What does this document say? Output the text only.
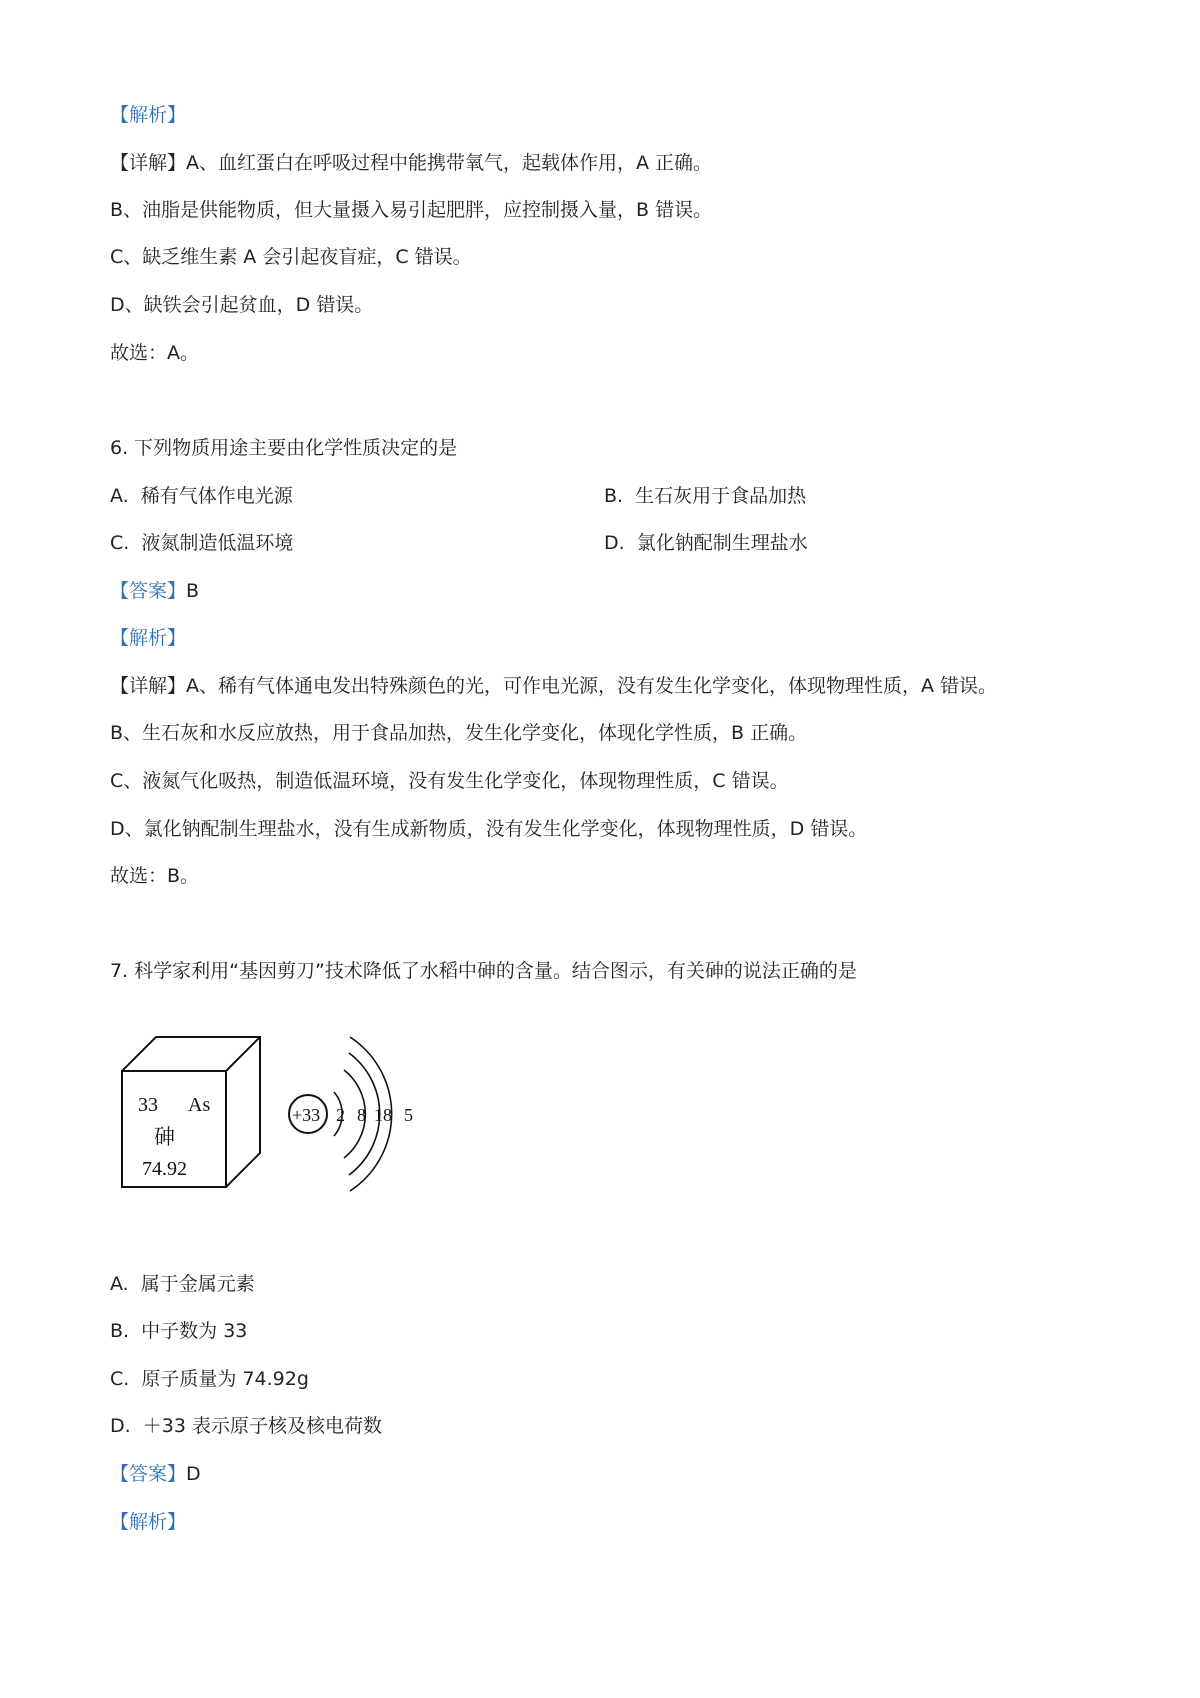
【解析】
【详解】A、血红蛋白在呼吸过程中能携带氧气，起载体作用，A 正确。
B、油脂是供能物质，但大量摄入易引起肥胖，应控制摄入量，B 错误。
C、缺乏维生素 A 会引起夜盲症，C 错误。
D、缺铁会引起贫血，D 错误。
故选：A。
6. 下列物质用途主要由化学性质决定的是
A. 稀有气体作电光源	B. 生石灰用于食品加热
C. 液氮制造低温环境	D. 氯化钠配制生理盐水
【答案】B
【解析】
【详解】A、稀有气体通电发出特殊颜色的光，可作电光源，没有发生化学变化，体现物理性质，A 错误。
B、生石灰和水反应放热，用于食品加热，发生化学变化，体现化学性质，B 正确。
C、液氮气化吸热，制造低温环境，没有发生化学变化，体现物理性质，C 错误。
D、氯化钠配制生理盐水，没有生成新物质，没有发生化学变化，体现物理性质，D 错误。
故选：B。
7. 科学家利用“基因剪刀”技术降低了水稻中砷的含量。结合图示，有关砷的说法正确的是
33 As
砷
74.92
+33 2 8 18 5
A. 属于金属元素
B. 中子数为 33
C. 原子质量为 74.92g
D. ＋33 表示原子核及核电荷数
【答案】D
【解析】
